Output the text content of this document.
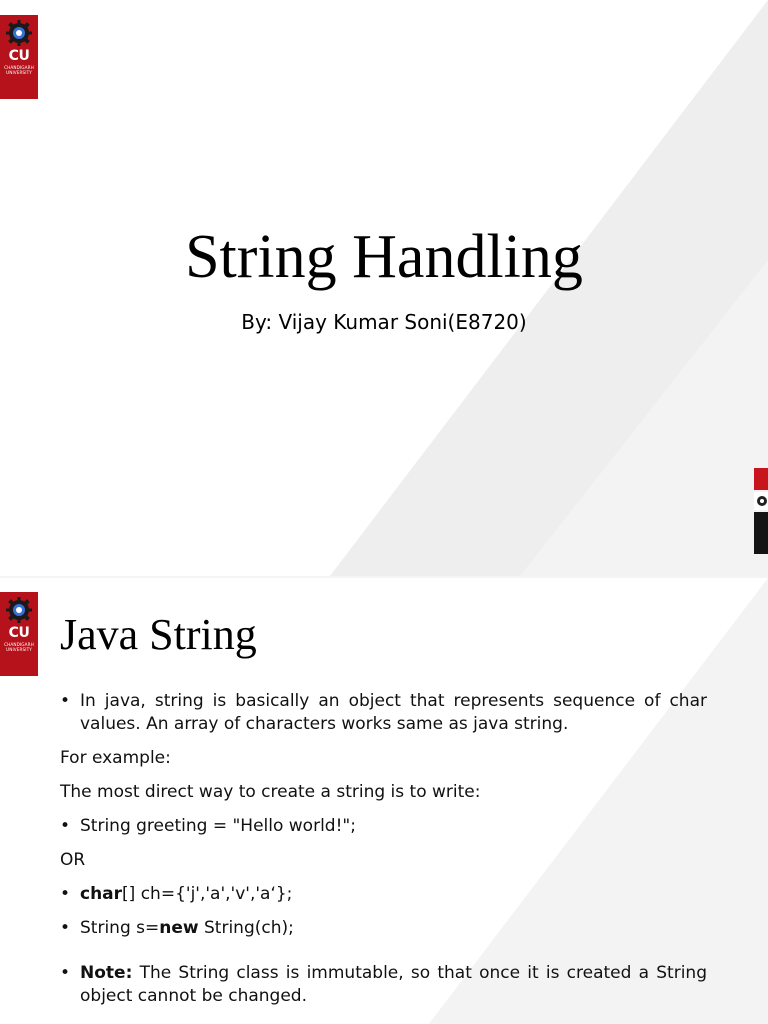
CU
CHANDIGARH
UNIVERSITY
String Handling
By: Vijay Kumar Soni(E8720)
CU
CHANDIGARH
UNIVERSITY Java String
• In java, string is basically an object that represents sequence of char values. An array of characters works same as java string.
For example:
The most direct way to create a string is to write:
• String greeting = "Hello world!";
OR
• char[] ch={'j','a','v','a‘};
• String s=new String(ch);
• Note: The String class is immutable, so that once it is created a String object cannot be changed.
